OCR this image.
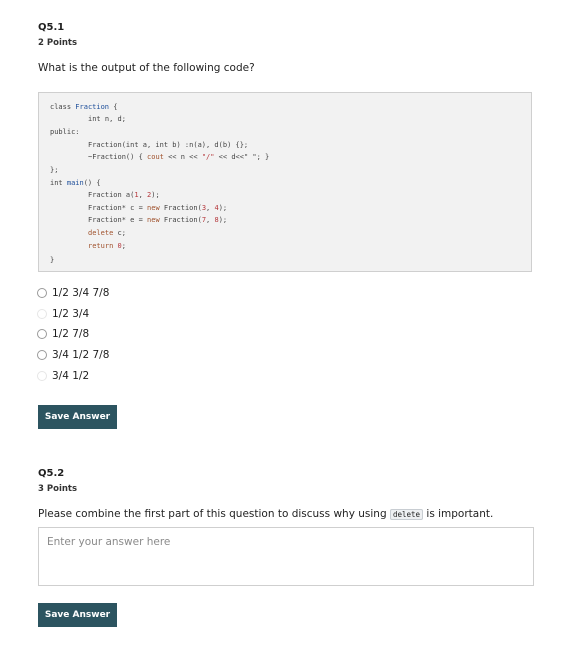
Q5.1
2 Points
What is the output of the following code?
class Fraction {
int n, d;
public:
Fraction(int a, int b) :n(a), d(b) {};
~Fraction() { cout << n << "/" << d<<" "; }
};
int main() {
Fraction a(1, 2);
Fraction* c = new Fraction(3, 4);
Fraction* e = new Fraction(7, 8);
delete c;
return 0;
}
1/2 3/4 7/8
1/2 3/4
1/2 7/8
3/4 1/2 7/8
3/4 1/2
Save Answer
Q5.2
3 Points
Please combine the first part of this question to discuss why using delete is important.
Enter your answer here
Save Answer
